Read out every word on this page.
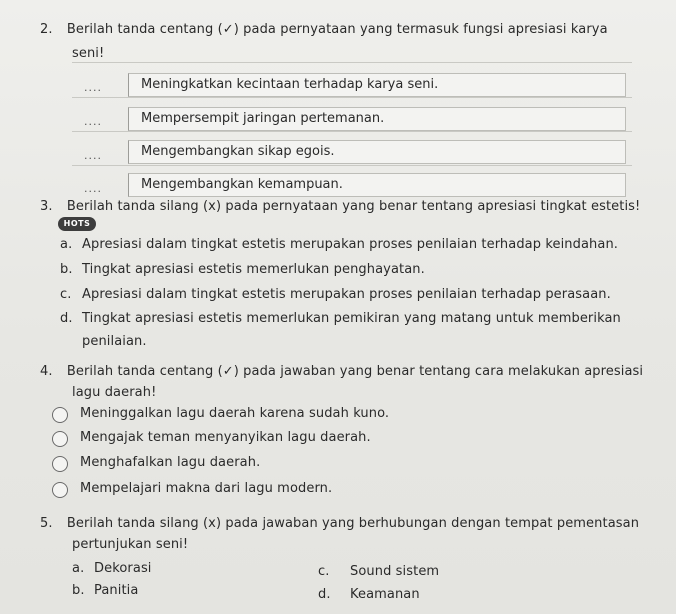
2. Berilah tanda centang (✓) pada pernyataan yang termasuk fungsi apresiasi karya
seni!
....	Meningkatkan kecintaan terhadap karya seni.
....	Mempersempit jaringan pertemanan.
....	Mengembangkan sikap egois.
....	Mengembangkan kemampuan.
3. Berilah tanda silang (x) pada pernyataan yang benar tentang apresiasi tingkat estetis!
HOTS
a. Apresiasi dalam tingkat estetis merupakan proses penilaian terhadap keindahan.
b. Tingkat apresiasi estetis memerlukan penghayatan.
c. Apresiasi dalam tingkat estetis merupakan proses penilaian terhadap perasaan.
d. Tingkat apresiasi estetis memerlukan pemikiran yang matang untuk memberikan
penilaian.
4. Berilah tanda centang (✓) pada jawaban yang benar tentang cara melakukan apresiasi
lagu daerah!
Meninggalkan lagu daerah karena sudah kuno.
Mengajak teman menyanyikan lagu daerah.
Menghafalkan lagu daerah.
Mempelajari makna dari lagu modern.
5. Berilah tanda silang (x) pada jawaban yang berhubungan dengan tempat pementasan
pertunjukan seni!
a. Dekorasi
b. Panitia
c. Sound sistem
d. Keamanan
